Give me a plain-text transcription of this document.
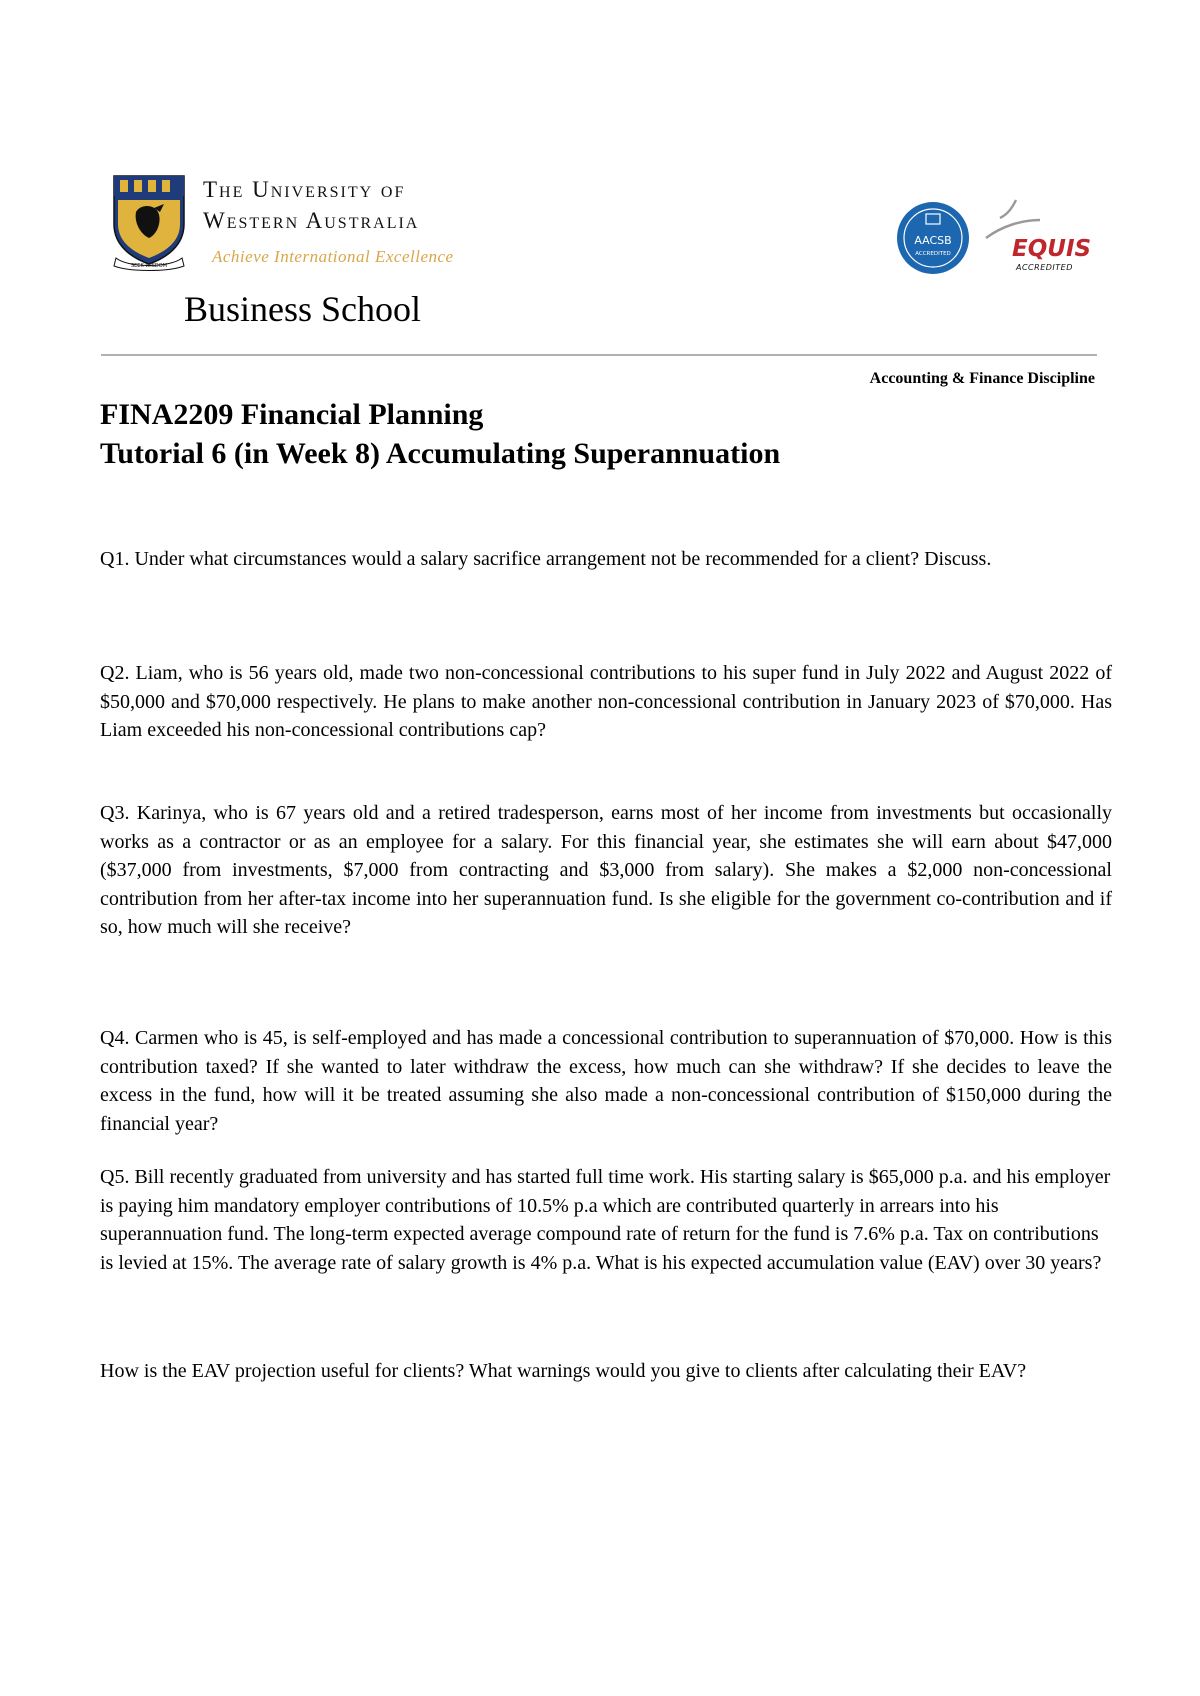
SEEK WISDOM
The University of
Western Australia
Achieve International Excellence
Business School
AACSB
ACCREDITED	EQUIS
ACCREDITED
Accounting & Finance Discipline
FINA2209 Financial Planning
Tutorial 6 (in Week 8) Accumulating Superannuation

Q1. Under what circumstances would a salary sacrifice arrangement not be recommended for a client? Discuss.

Q2. Liam, who is 56 years old, made two non-concessional contributions to his super fund in July 2022 and August 2022 of $50,000 and $70,000 respectively. He plans to make another non-concessional contribution in January 2023 of $70,000. Has Liam exceeded his non-concessional contributions cap?

Q3. Karinya, who is 67 years old and a retired tradesperson, earns most of her income from investments but occasionally works as a contractor or as an employee for a salary. For this financial year, she estimates she will earn about $47,000 ($37,000 from investments, $7,000 from contracting and $3,000 from salary). She makes a $2,000 non-concessional contribution from her after-tax income into her superannuation fund. Is she eligible for the government co-contribution and if so, how much will she receive?

Q4. Carmen who is 45, is self-employed and has made a concessional contribution to superannuation of $70,000. How is this contribution taxed? If she wanted to later withdraw the excess, how much can she withdraw? If she decides to leave the excess in the fund, how will it be treated assuming she also made a non-concessional contribution of $150,000 during the financial year?

Q5. Bill recently graduated from university and has started full time work. His starting salary is $65,000 p.a. and his employer is paying him mandatory employer contributions of 10.5% p.a which are contributed quarterly in arrears into his superannuation fund. The long-term expected average compound rate of return for the fund is 7.6% p.a. Tax on contributions is levied at 15%. The average rate of salary growth is 4% p.a. What is his expected accumulation value (EAV) over 30 years?

How is the EAV projection useful for clients? What warnings would you give to clients after calculating their EAV?
